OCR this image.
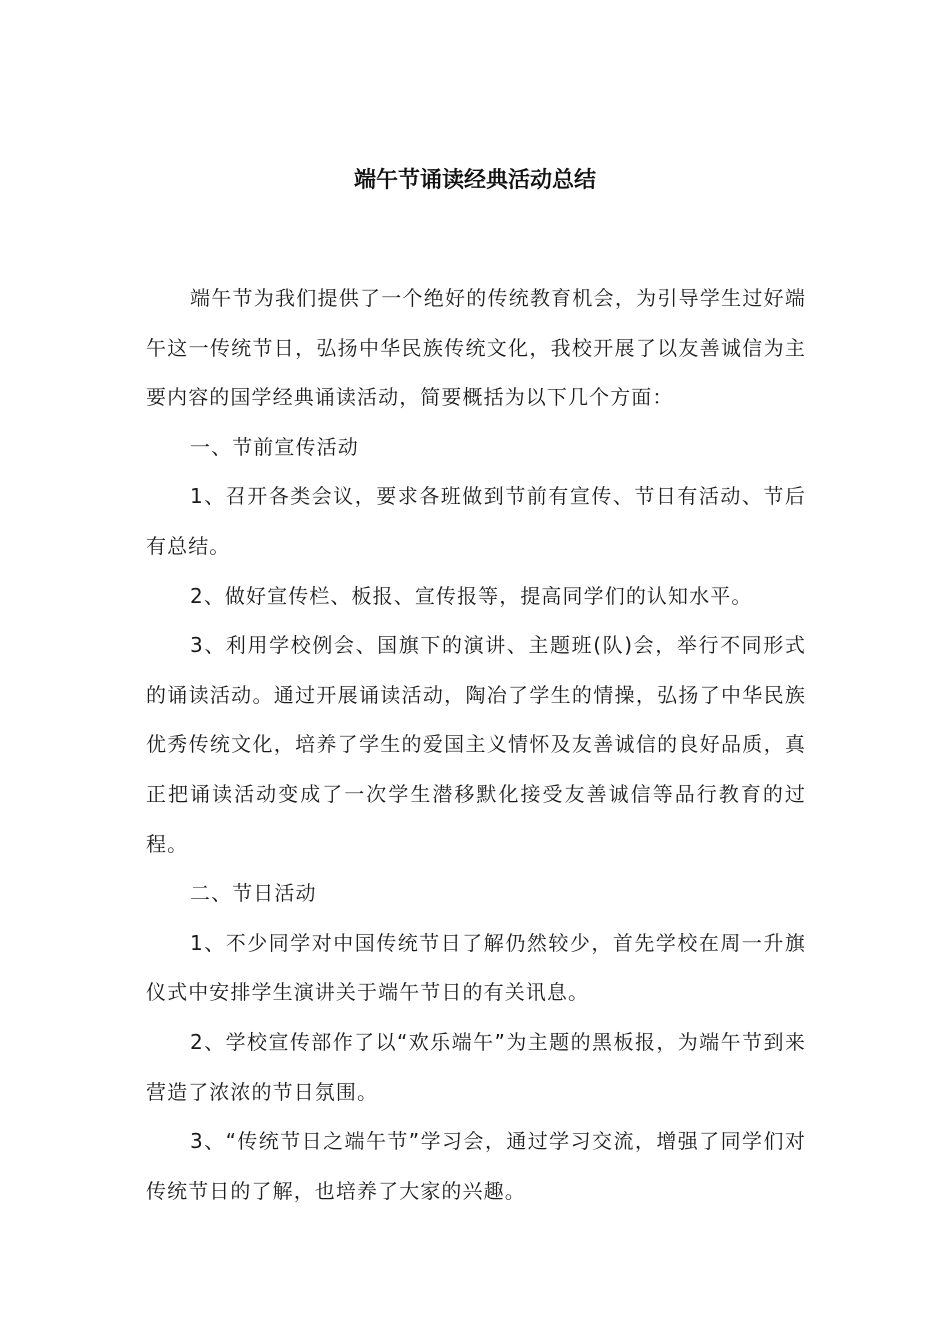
端午节诵读经典活动总结

端午节为我们提供了一个绝好的传统教育机会，为引导学生过好端午这一传统节日，弘扬中华民族传统文化，我校开展了以友善诚信为主要内容的国学经典诵读活动，简要概括为以下几个方面：

一、节前宣传活动

1、召开各类会议，要求各班做到节前有宣传、节日有活动、节后有总结。

2、做好宣传栏、板报、宣传报等，提高同学们的认知水平。

3、利用学校例会、国旗下的演讲、主题班(队)会，举行不同形式的诵读活动。通过开展诵读活动，陶冶了学生的情操，弘扬了中华民族优秀传统文化，培养了学生的爱国主义情怀及友善诚信的良好品质，真正把诵读活动变成了一次学生潜移默化接受友善诚信等品行教育的过程。

二、节日活动

1、不少同学对中国传统节日了解仍然较少，首先学校在周一升旗仪式中安排学生演讲关于端午节日的有关讯息。

2、学校宣传部作了以“欢乐端午”为主题的黑板报，为端午节到来营造了浓浓的节日氛围。

3、“传统节日之端午节”学习会，通过学习交流，增强了同学们对传统节日的了解，也培养了大家的兴趣。
